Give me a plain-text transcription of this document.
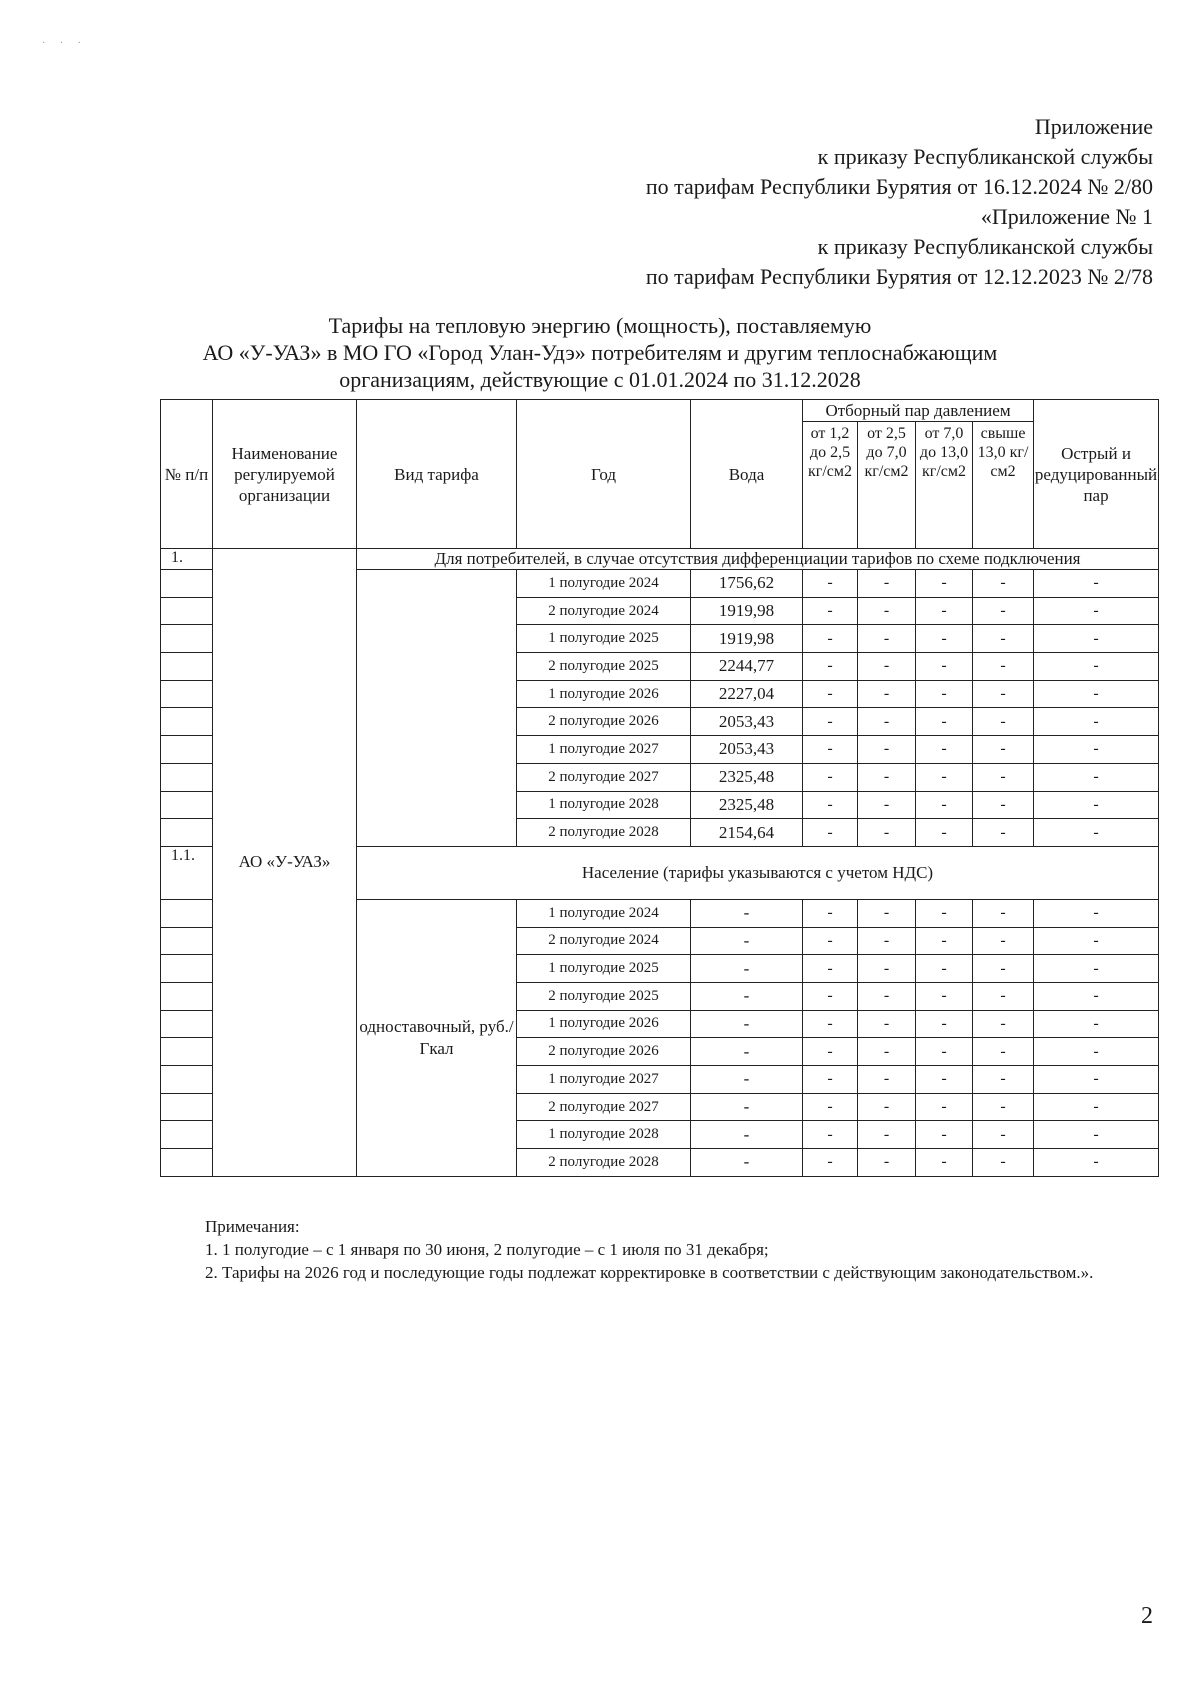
· · ·
Приложение
к приказу Республиканской службы
по тарифам Республики Бурятия от 16.12.2024 № 2/80
«Приложение № 1
к приказу Республиканской службы
по тарифам Республики Бурятия от 12.12.2023 № 2/78
Тарифы на тепловую энергию (мощность), поставляемую
АО «У-УАЗ» в МО ГО «Город Улан-Удэ» потребителям и другим теплоснабжающим
организациям, действующие с 01.01.2024 по 31.12.2028
№ п/п	Наименование регулируемой организации	Вид тарифа	Год	Вода	Отборный пар давлением				Острый и редуцированный пар
					от 1,2 до 2,5 кг/см2	от 2,5 до 7,0 кг/см2	от 7,0 до 13,0 кг/см2	свыше 13,0 кг/см2	
1.	АО «У-УАЗ»	Для потребителей, в случае отсутствия дифференциации тарифов по схеме подключения							
			1 полугодие 2024	1756,62	-	-	-	-	-
			2 полугодие 2024	1919,98	-	-	-	-	-
			1 полугодие 2025	1919,98	-	-	-	-	-
			2 полугодие 2025	2244,77	-	-	-	-	-
			1 полугодие 2026	2227,04	-	-	-	-	-
			2 полугодие 2026	2053,43	-	-	-	-	-
			1 полугодие 2027	2053,43	-	-	-	-	-
			2 полугодие 2027	2325,48	-	-	-	-	-
			1 полугодие 2028	2325,48	-	-	-	-	-
			2 полугодие 2028	2154,64	-	-	-	-	-
1.1.		Население (тарифы указываются с учетом НДС)							
		одноставочный, руб./Гкал	1 полугодие 2024	-	-	-	-	-	-
			2 полугодие 2024	-	-	-	-	-	-
			1 полугодие 2025	-	-	-	-	-	-
			2 полугодие 2025	-	-	-	-	-	-
			1 полугодие 2026	-	-	-	-	-	-
			2 полугодие 2026	-	-	-	-	-	-
			1 полугодие 2027	-	-	-	-	-	-
			2 полугодие 2027	-	-	-	-	-	-
			1 полугодие 2028	-	-	-	-	-	-
			2 полугодие 2028	-	-	-	-	-	-
Примечания:
1. 1 полугодие – с 1 января по 30 июня, 2 полугодие – с 1 июля по 31 декабря;
2. Тарифы на 2026 год и последующие годы подлежат корректировке в соответствии с действующим законодательством.».
2
